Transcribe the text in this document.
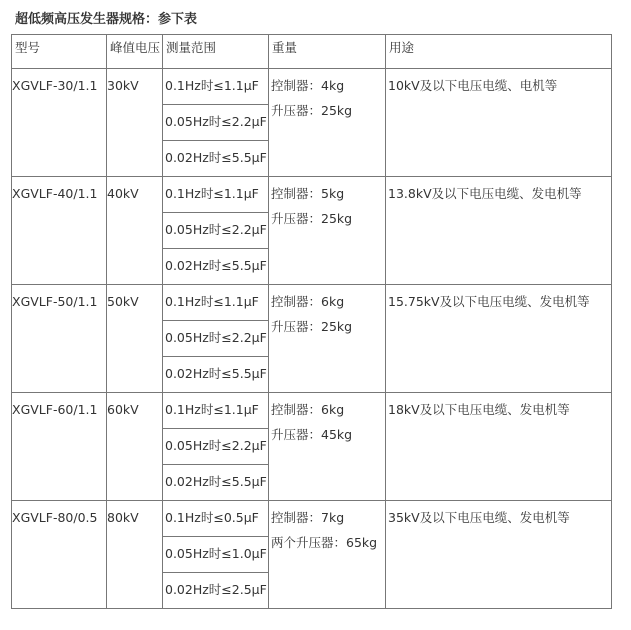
超低频高压发生器规格：参下表
型号	峰值电压	测量范围	重量	用途
XGVLF-30/1.1	30kV	0.1Hz时≤1.1μF	控制器：4kg
升压器：25kg	10kV及以下电压电缆、电机等
		0.05Hz时≤2.2μF		
		0.02Hz时≤5.5μF		
XGVLF-40/1.1	40kV	0.1Hz时≤1.1μF	控制器：5kg
升压器：25kg	13.8kV及以下电压电缆、发电机等
		0.05Hz时≤2.2μF		
		0.02Hz时≤5.5μF		
XGVLF-50/1.1	50kV	0.1Hz时≤1.1μF	控制器：6kg
升压器：25kg	15.75kV及以下电压电缆、发电机等
		0.05Hz时≤2.2μF		
		0.02Hz时≤5.5μF		
XGVLF-60/1.1	60kV	0.1Hz时≤1.1μF	控制器：6kg
升压器：45kg	18kV及以下电压电缆、发电机等
		0.05Hz时≤2.2μF		
		0.02Hz时≤5.5μF		
XGVLF-80/0.5	80kV	0.1Hz时≤0.5μF	控制器：7kg
两个升压器：65kg	35kV及以下电压电缆、发电机等
		0.05Hz时≤1.0μF		
		0.02Hz时≤2.5μF		
